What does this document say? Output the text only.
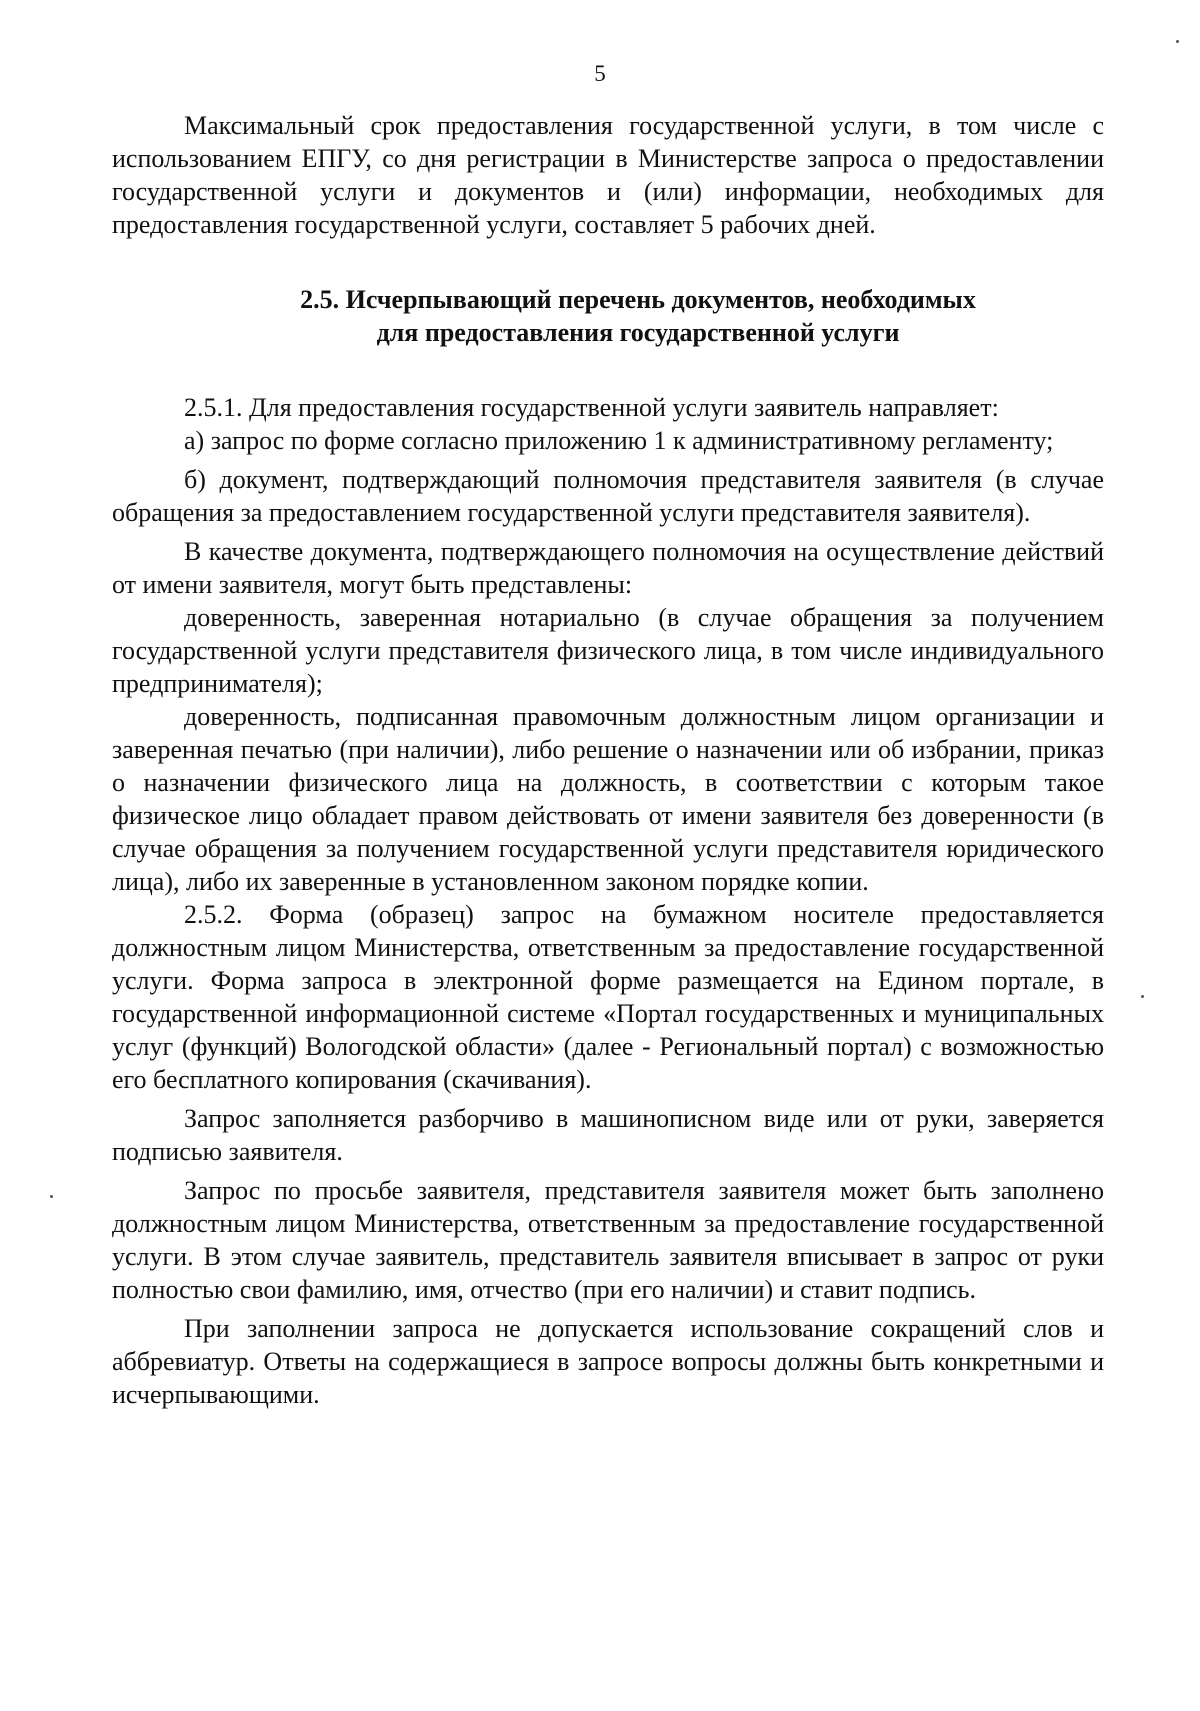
5

Максимальный срок предоставления государственной услуги, в том числе с использованием ЕПГУ, со дня регистрации в Министерстве запроса о предоставлении государственной услуги и документов и (или) информации, необходимых для предоставления государственной услуги, составляет 5 рабочих дней.

2.5. Исчерпывающий перечень документов, необходимых

для предоставления государственной услуги

2.5.1. Для предоставления государственной услуги заявитель направляет:

а) запрос по форме согласно приложению 1 к административному регламенту;

б) документ, подтверждающий полномочия представителя заявителя (в случае обращения за предоставлением государственной услуги представителя заявителя).

В качестве документа, подтверждающего полномочия на осуществление действий от имени заявителя, могут быть представлены:

доверенность, заверенная нотариально (в случае обращения за получением государственной услуги представителя физического лица, в том числе индивидуального предпринимателя);

доверенность, подписанная правомочным должностным лицом организации и заверенная печатью (при наличии), либо решение о назначении или об избрании, приказ о назначении физического лица на должность, в соответствии с которым такое физическое лицо обладает правом действовать от имени заявителя без доверенности (в случае обращения за получением государственной услуги представителя юридического лица), либо их заверенные в установленном законом порядке копии.

2.5.2. Форма (образец) запрос на бумажном носителе предоставляется должностным лицом Министерства, ответственным за предоставление государственной услуги. Форма запроса в электронной форме размещается на Едином портале, в государственной информационной системе «Портал государственных и муниципальных услуг (функций) Вологодской области» (далее - Региональный портал) с возможностью его бесплатного копирования (скачивания).

Запрос заполняется разборчиво в машинописном виде или от руки, заверяется подписью заявителя.

Запрос по просьбе заявителя, представителя заявителя может быть заполнено должностным лицом Министерства, ответственным за предоставление государственной услуги. В этом случае заявитель, представитель заявителя вписывает в запрос от руки полностью свои фамилию, имя, отчество (при его наличии) и ставит подпись.

При заполнении запроса не допускается использование сокращений слов и аббревиатур. Ответы на содержащиеся в запросе вопросы должны быть конкретными и исчерпывающими.
